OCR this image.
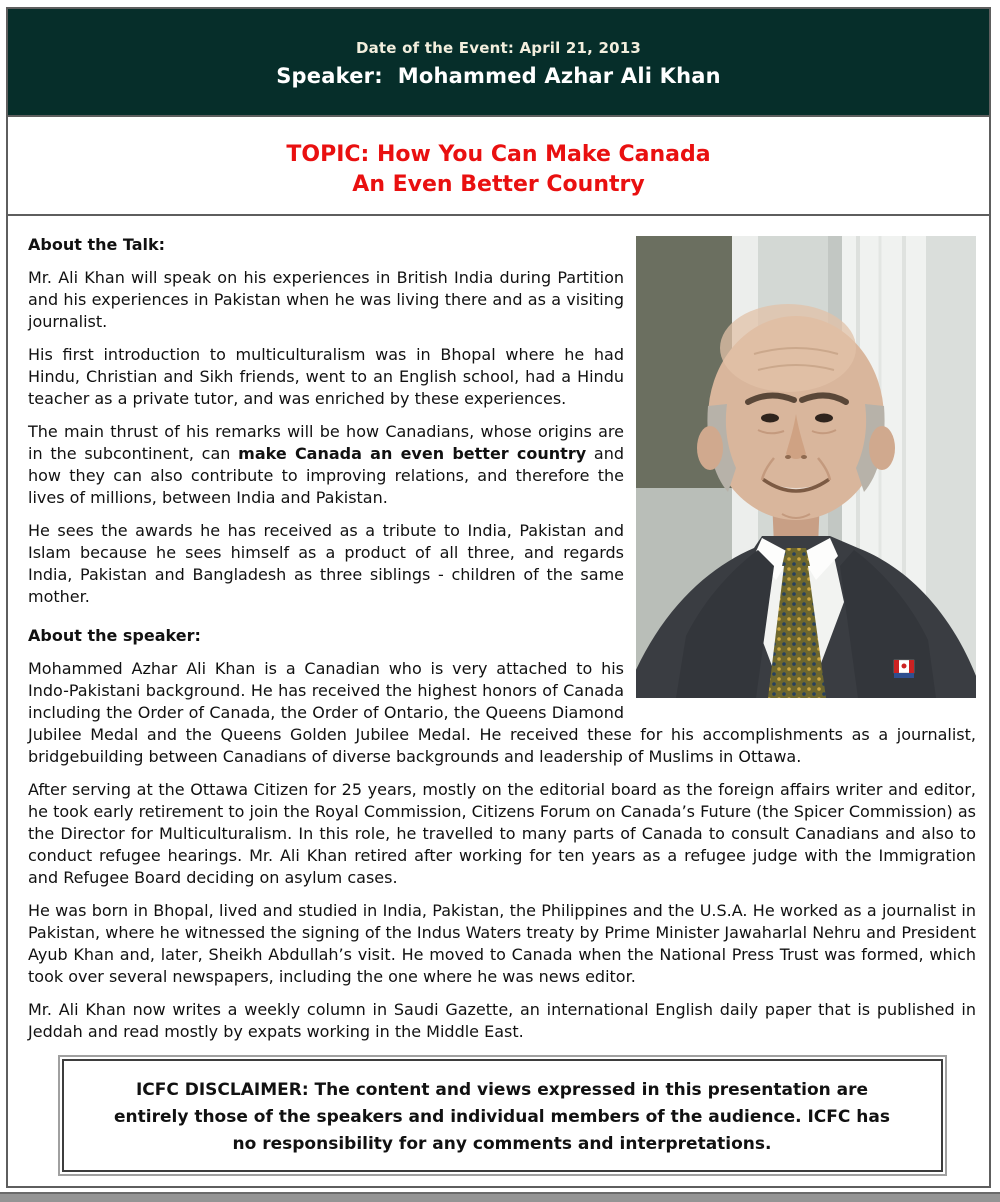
Date of the Event: April 21, 2013
Speaker:  Mohammed Azhar Ali Khan
TOPIC: How You Can Make Canada
An Even Better Country
About the Talk:

Mr. Ali Khan will speak on his experiences in British India during Partition and his experiences in Pakistan when he was living there and as a visiting journalist.

His first introduction to multiculturalism was in Bhopal where he had Hindu, Christian and Sikh friends, went to an English school, had a Hindu teacher as a private tutor, and was enriched by these experiences.

The main thrust of his remarks will be how Canadians, whose origins are in the subcontinent, can make Canada an even better country and how they can also contribute to improving relations, and therefore the lives of millions, between India and Pakistan.

He sees the awards he has received as a tribute to India, Pakistan and Islam because he sees himself as a product of all three, and regards India, Pakistan and Bangladesh as three siblings - children of the same mother.

About the speaker:

Mohammed Azhar Ali Khan is a Canadian who is very attached to his Indo-Pakistani background. He has received the highest honors of Canada including the Order of Canada, the Order of Ontario, the Queens Diamond Jubilee Medal and the Queens Golden Jubilee Medal. He received these for his accomplishments as a journalist, bridgebuilding between Canadians of diverse backgrounds and leadership of Muslims in Ottawa.

After serving at the Ottawa Citizen for 25 years, mostly on the editorial board as the foreign affairs writer and editor, he took early retirement to join the Royal Commission, Citizens Forum on Canada’s Future (the Spicer Commission) as the Director for Multiculturalism. In this role, he travelled to many parts of Canada to consult Canadians and also to conduct refugee hearings. Mr. Ali Khan retired after working for ten years as a refugee judge with the Immigration and Refugee Board deciding on asylum cases.

He was born in Bhopal, lived and studied in India, Pakistan, the Philippines and the U.S.A. He worked as a journalist in Pakistan, where he witnessed the signing of the Indus Waters treaty by Prime Minister Jawaharlal Nehru and President Ayub Khan and, later, Sheikh Abdullah’s visit. He moved to Canada when the National Press Trust was formed, which took over several newspapers, including the one where he was news editor.

Mr. Ali Khan now writes a weekly column in Saudi Gazette, an international English daily paper that is published in Jeddah and read mostly by expats working in the Middle East.

ICFC DISCLAIMER: The content and views expressed in this presentation are entirely those of the speakers and individual members of the audience. ICFC has no responsibility for any comments and interpretations.
